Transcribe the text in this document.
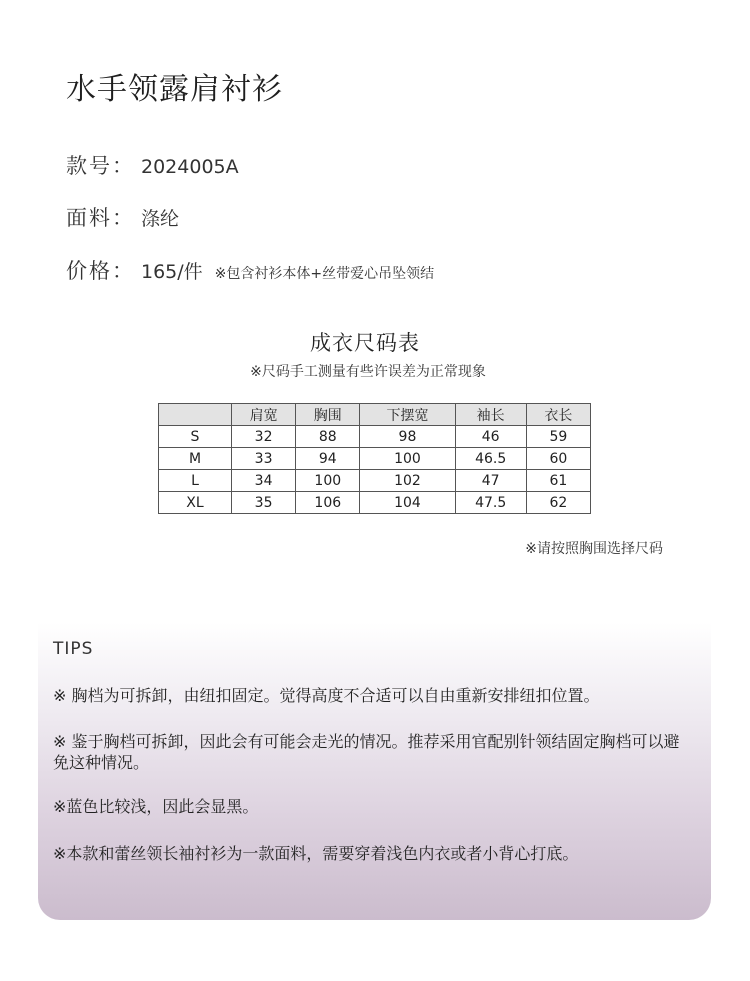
水手领露肩衬衫
款号： 2024005A
面料： 涤纶
价格： 165/件 ※包含衬衫本体+丝带爱心吊坠领结
成衣尺码表
※尺码手工测量有些许误差为正常现象
	肩宽	胸围	下摆宽	袖长	衣长
S	32	88	98	46	59
M	33	94	100	46.5	60
L	34	100	102	47	61
XL	35	106	104	47.5	62
※请按照胸围选择尺码
TIPS
※ 胸档为可拆卸，由纽扣固定。觉得高度不合适可以自由重新安排纽扣位置。
※ 鉴于胸档可拆卸，因此会有可能会走光的情况。推荐采用官配别针领结固定胸档可以避免这种情况。
※蓝色比较浅，因此会显黑。
※本款和蕾丝领长袖衬衫为一款面料，需要穿着浅色内衣或者小背心打底。
